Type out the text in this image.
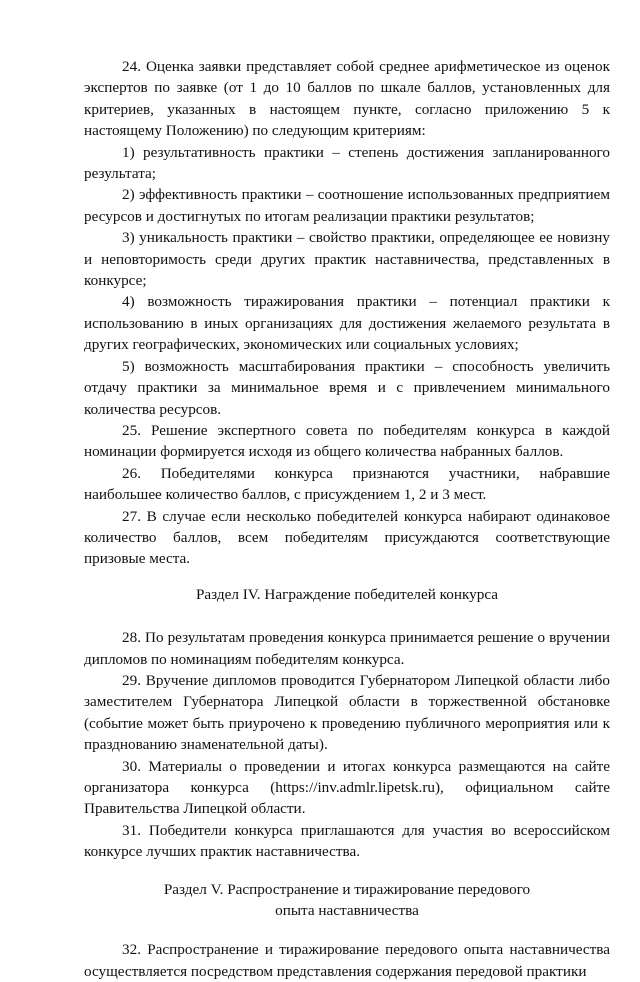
24. Оценка заявки представляет собой среднее арифметическое из оценок экспертов по заявке (от 1 до 10 баллов по шкале баллов, установленных для критериев, указанных в настоящем пункте, согласно приложению 5 к настоящему Положению) по следующим критериям:

1) результативность практики – степень достижения запланированного результата;

2) эффективность практики – соотношение использованных предприятием ресурсов и достигнутых по итогам реализации практики результатов;

3) уникальность практики – свойство практики, определяющее ее новизну и неповторимость среди других практик наставничества, представленных в конкурсе;

4) возможность тиражирования практики – потенциал практики к использованию в иных организациях для достижения желаемого результата в других географических, экономических или социальных условиях;

5) возможность масштабирования практики – способность увеличить отдачу практики за минимальное время и с привлечением минимального количества ресурсов.

25. Решение экспертного совета по победителям конкурса в каждой номинации формируется исходя из общего количества набранных баллов.

26. Победителями конкурса признаются участники, набравшие наибольшее количество баллов, с присуждением 1, 2 и 3 мест.

27. В случае если несколько победителей конкурса набирают одинаковое количество баллов, всем победителям присуждаются соответствующие призовые места.

Раздел IV. Награждение победителей конкурса

28. По результатам проведения конкурса принимается решение о вручении дипломов по номинациям победителям конкурса.

29. Вручение дипломов проводится Губернатором Липецкой области либо заместителем Губернатора Липецкой области в торжественной обстановке (событие может быть приурочено к проведению публичного мероприятия или к празднованию знаменательной даты).

30. Материалы о проведении и итогах конкурса размещаются на сайте организатора конкурса (https://inv.admlr.lipetsk.ru), официальном сайте Правительства Липецкой области.

31. Победители конкурса приглашаются для участия во всероссийском конкурсе лучших практик наставничества.

Раздел V. Распространение и тиражирование передового
опыта наставничества

32. Распространение и тиражирование передового опыта наставничества осуществляется посредством представления содержания передовой практики
